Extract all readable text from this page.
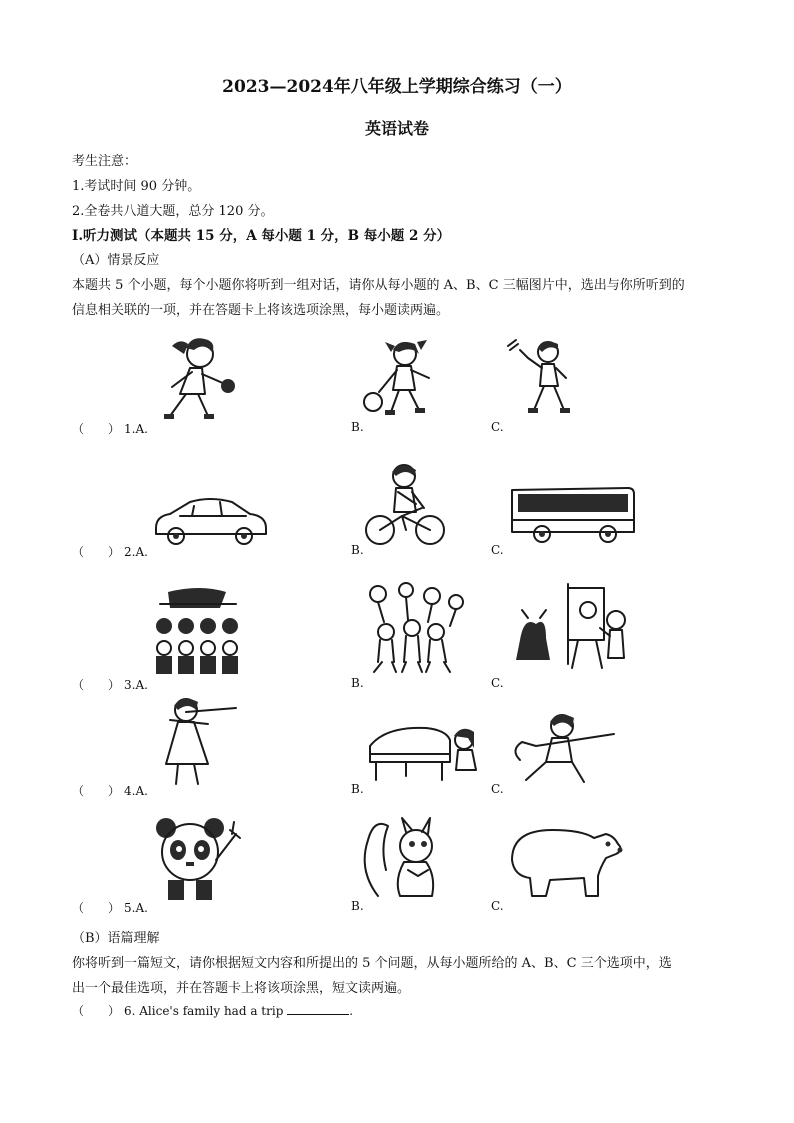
2023—2024年八年级上学期综合练习（一）
英语试卷
考生注意：
1.考试时间 90 分钟。
2.全卷共八道大题，总分 120 分。
Ⅰ.听力测试（本题共 15 分，A 每小题 1 分，B 每小题 2 分）
（A）情景反应
本题共 5 个小题，每个小题你将听到一组对话，请你从每小题的 A、B、C 三幅图片中，选出与你所听到的
信息相关联的一项，并在答题卡上将该选项涂黑，每小题读两遍。
（　　） 1.A.	B.	C.
（　　） 2.A.	B.	C.
（　　） 3.A.	B.	C.
（　　） 4.A.	B.	C.
（　　） 5.A.	B.	C.
（B）语篇理解
你将听到一篇短文，请你根据短文内容和所提出的 5 个问题，从每小题所给的 A、B、C 三个选项中，选
出一个最佳选项，并在答题卡上将该项涂黑，短文读两遍。
（　　） 6. Alice's family had a trip	.
